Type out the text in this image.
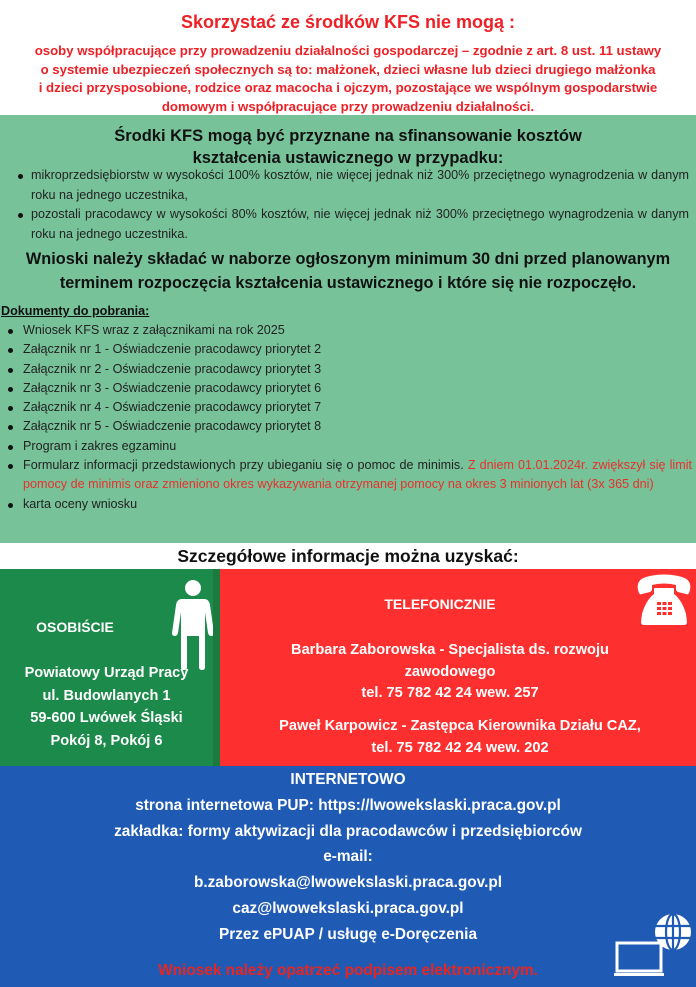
Skorzystać ze środków KFS nie mogą :
osoby współpracujące przy prowadzeniu działalności gospodarczej – zgodnie z art. 8 ust. 11 ustawy
o systemie ubezpieczeń społecznych są to: małżonek, dzieci własne lub dzieci drugiego małżonka
i dzieci przysposobione, rodzice oraz macocha i ojczym, pozostające we wspólnym gospodarstwie
domowym i współpracujące przy prowadzeniu działalności.
Środki KFS mogą być przyznane na sfinansowanie kosztów
kształcenia ustawicznego w przypadku:
mikroprzedsiębiorstw w wysokości 100% kosztów, nie więcej jednak niż 300% przeciętnego wynagrodzenia w danym roku na jednego uczestnika,
pozostali pracodawcy w wysokości 80% kosztów, nie więcej jednak niż 300% przeciętnego wynagrodzenia w danym roku na jednego uczestnika.
Wnioski należy składać w naborze ogłoszonym minimum 30 dni przed planowanym
terminem rozpoczęcia kształcenia ustawicznego i które się nie rozpoczęło.
Dokumenty do pobrania:
Wniosek KFS wraz z załącznikami na rok 2025
Załącznik nr 1 - Oświadczenie pracodawcy priorytet 2
Załącznik nr 2 - Oświadczenie pracodawcy priorytet 3
Załącznik nr 3 - Oświadczenie pracodawcy priorytet 6
Załącznik nr 4 - Oświadczenie pracodawcy priorytet 7
Załącznik nr 5 - Oświadczenie pracodawcy priorytet 8
Program i zakres egzaminu
Formularz informacji przedstawionych przy ubieganiu się o pomoc de minimis. Z dniem 01.01.2024r. zwiększył się limit pomocy de minimis oraz zmieniono okres wykazywania otrzymanej pomocy na okres 3 minionych lat (3x 365 dni)
karta oceny wniosku
Szczegółowe informacje można uzyskać:
OSOBIŚCIE
Powiatowy Urząd Pracy
ul. Budowlanych 1
59-600 Lwówek Śląski
Pokój 8, Pokój 6
TELEFONICZNIE
Barbara Zaborowska - Specjalista ds. rozwoju
zawodowego
tel. 75 782 42 24 wew. 257
Paweł Karpowicz - Zastępca Kierownika Działu CAZ,
tel. 75 782 42 24 wew. 202
INTERNETOWO
strona internetowa PUP: https://lwowekslaski.praca.gov.pl
zakładka: formy aktywizacji dla pracodawców i przedsiębiorców
e-mail:
b.zaborowska@lwowekslaski.praca.gov.pl
caz@lwowekslaski.praca.gov.pl
Przez ePUAP / usługę e-Doręczenia
Wniosek należy opatrzeć podpisem elektronicznym.
